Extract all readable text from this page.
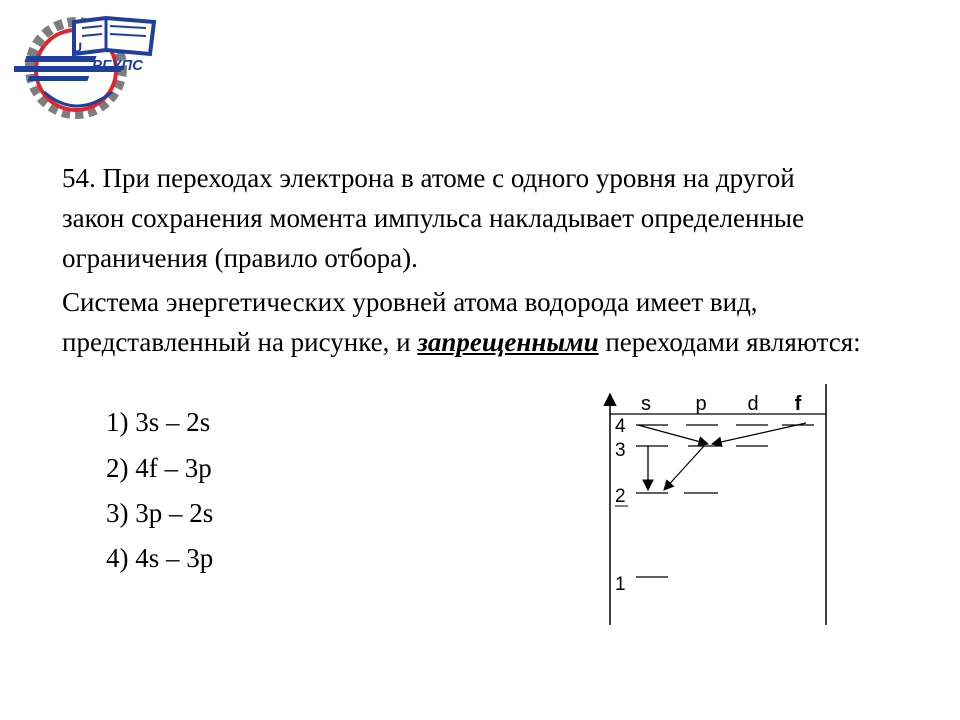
U
РГУПС

54. При переходах электрона в атоме с одного уровня на другой закон сохранения момента импульса накладывает определенные ограничения (правило отбора).

Система энергетических уровней атома водорода имеет вид, представленный на рисунке, и запрещенными переходами являются:

1) 3s – 2s

2) 4f – 3p

3) 3p – 2s

4) 4s – 3p

s p d f
4
3
2
1
